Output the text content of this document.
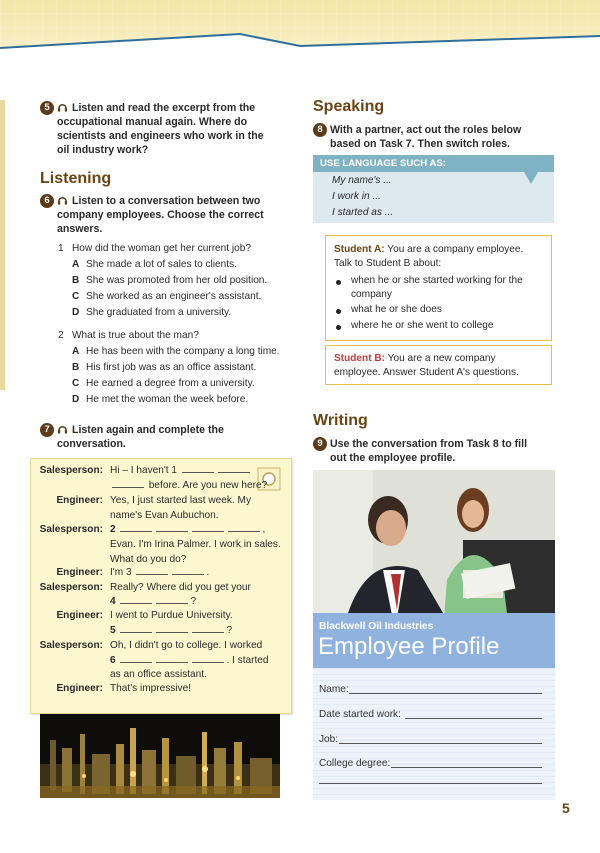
5 Listen and read the excerpt from the
occupational manual again. Where do
scientists and engineers who work in the
oil industry work?
Listening
6 Listen to a conversation between two
company employees. Choose the correct
answers.
1 How did the woman get her current job?
A She made a lot of sales to clients.
B She was promoted from her old position.
C She worked as an engineer's assistant.
D She graduated from a university.
2 What is true about the man?
A He has been with the company a long time.
B His first job was as an office assistant.
C He earned a degree from a university.
D He met the woman the week before.
7 Listen again and complete the
conversation.
Salesperson: Hi – I haven't 1
before. Are you new here?
Engineer: Yes, I just started last week. My
name's Evan Aubuchon.
Salesperson: 2	,
Evan. I'm Irina Palmer. I work in sales.
What do you do?
Engineer: I'm 3	.
Salesperson: Really? Where did you get your
4	?
Engineer: I went to Purdue University.
5	?
Salesperson: Oh, I didn't go to college. I worked
6	. I started
as an office assistant.
Engineer: That's impressive!
Speaking
8 With a partner, act out the roles below
based on Task 7. Then switch roles.
USE LANGUAGE SUCH AS:
My name's ...
I work in ...
I started as ...
Student A: You are a company employee.
Talk to Student B about:
when he or she started working for the
company
what he or she does
where he or she went to college
Student B: You are a new company
employee. Answer Student A's questions.
Writing
9 Use the conversation from Task 8 to fill
out the employee profile.
Blackwell Oil Industries
Employee Profile
Name:
Date started work:
Job:
College degree:
5
